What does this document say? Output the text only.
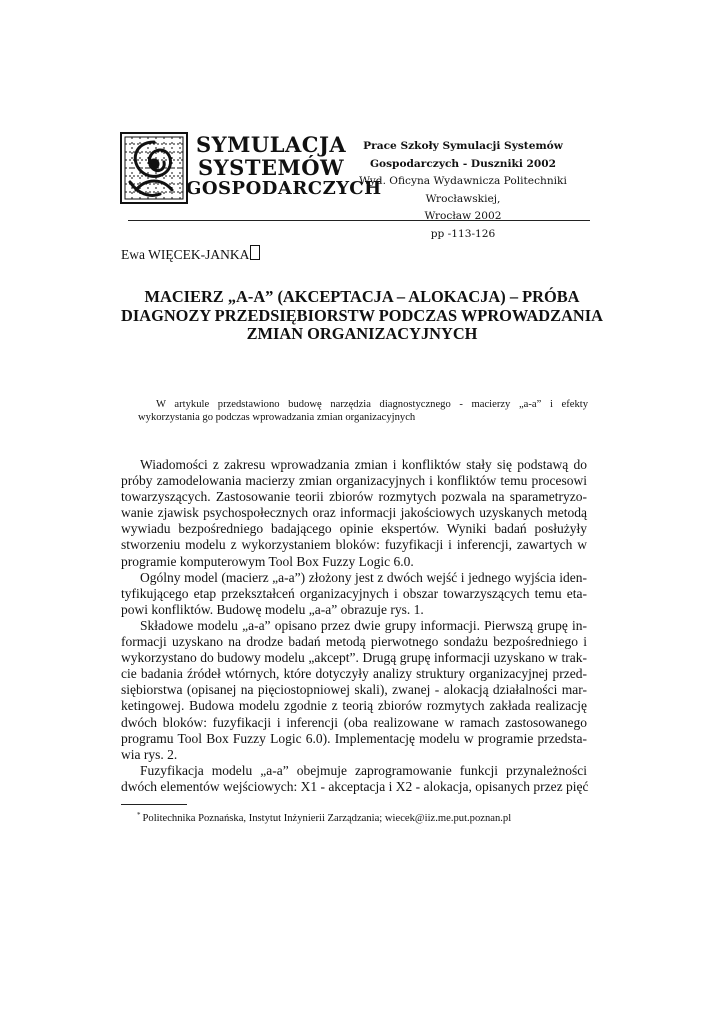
SYMULACJA
SYSTEMÓW
GOSPODARCZYCH
Prace Szkoły Symulacji Systemów
Gospodarczych - Duszniki 2002
Wyd. Oficyna Wydawnicza Politechniki Wrocławskiej,
Wrocław 2002
pp -113-126
Ewa WIĘCEK-JANKA
MACIERZ „A-A” (AKCEPTACJA – ALOKACJA) – PRÓBA
DIAGNOZY PRZEDSIĘBIORSTW PODCZAS WPROWADZANIA
ZMIAN ORGANIZACYJNYCH
W artykule przedstawiono budowę narzędzia diagnostycznego - macierzy „a-a” i efekty
wykorzystania go podczas wprowadzania zmian organizacyjnych
Wiadomości z zakresu wprowadzania zmian i konfliktów stały się podstawą do
próby zamodelowania macierzy zmian organizacyjnych i konfliktów temu procesowi
towarzyszących. Zastosowanie teorii zbiorów rozmytych pozwala na sparametryzo-
wanie zjawisk psychospołecznych oraz informacji jakościowych uzyskanych metodą
wywiadu bezpośredniego badającego opinie ekspertów. Wyniki badań posłużyły
stworzeniu modelu z wykorzystaniem bloków: fuzyfikacji i inferencji, zawartych w
programie komputerowym Tool Box Fuzzy Logic 6.0.
Ogólny model (macierz „a-a”) złożony jest z dwóch wejść i jednego wyjścia iden-
tyfikującego etap przekształceń organizacyjnych i obszar towarzyszących temu eta-
powi konfliktów. Budowę modelu „a-a” obrazuje rys. 1.
Składowe modelu „a-a” opisano przez dwie grupy informacji. Pierwszą grupę in-
formacji uzyskano na drodze badań metodą pierwotnego sondażu bezpośredniego i
wykorzystano do budowy modelu „akcept”. Drugą grupę informacji uzyskano w trak-
cie badania źródeł wtórnych, które dotyczyły analizy struktury organizacyjnej przed-
siębiorstwa (opisanej na pięciostopniowej skali), zwanej - alokacją działalności mar-
ketingowej. Budowa modelu zgodnie z teorią zbiorów rozmytych zakłada realizację
dwóch bloków: fuzyfikacji i inferencji (oba realizowane w ramach zastosowanego
programu Tool Box Fuzzy Logic 6.0). Implementację modelu w programie przedsta-
wia rys. 2.
Fuzyfikacja modelu „a-a” obejmuje zaprogramowanie funkcji przynależności
dwóch elementów wejściowych: X1 - akceptacja i X2 - alokacja, opisanych przez pięć
* Politechnika Poznańska, Instytut Inżynierii Zarządzania; wiecek@iiz.me.put.poznan.pl
